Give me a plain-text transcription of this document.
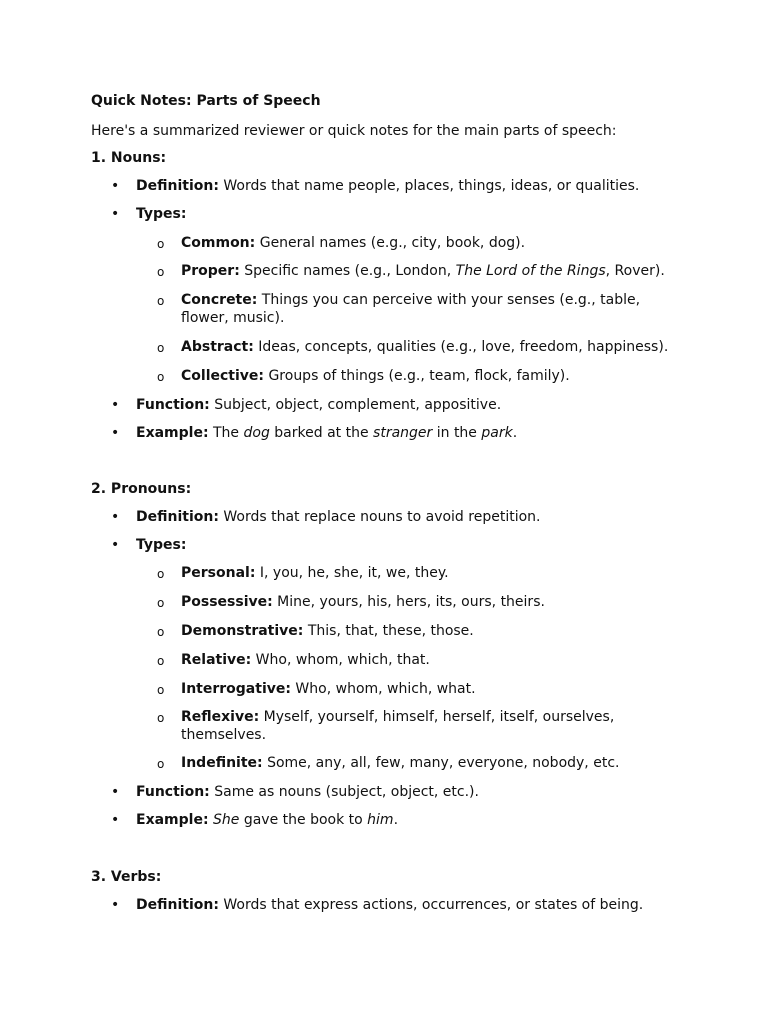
Quick Notes: Parts of Speech
Here's a summarized reviewer or quick notes for the main parts of speech:
1. Nouns:
• Definition: Words that name people, places, things, ideas, or qualities.
• Types:
o Common: General names (e.g., city, book, dog).
o Proper: Specific names (e.g., London, The Lord of the Rings, Rover).
o Concrete: Things you can perceive with your senses (e.g., table,
flower, music).
o Abstract: Ideas, concepts, qualities (e.g., love, freedom, happiness).
o Collective: Groups of things (e.g., team, flock, family).
• Function: Subject, object, complement, appositive.
• Example: The dog barked at the stranger in the park.
2. Pronouns:
• Definition: Words that replace nouns to avoid repetition.
• Types:
o Personal: I, you, he, she, it, we, they.
o Possessive: Mine, yours, his, hers, its, ours, theirs.
o Demonstrative: This, that, these, those.
o Relative: Who, whom, which, that.
o Interrogative: Who, whom, which, what.
o Reflexive: Myself, yourself, himself, herself, itself, ourselves,
themselves.
o Indefinite: Some, any, all, few, many, everyone, nobody, etc.
• Function: Same as nouns (subject, object, etc.).
• Example: She gave the book to him.
3. Verbs:
• Definition: Words that express actions, occurrences, or states of being.
